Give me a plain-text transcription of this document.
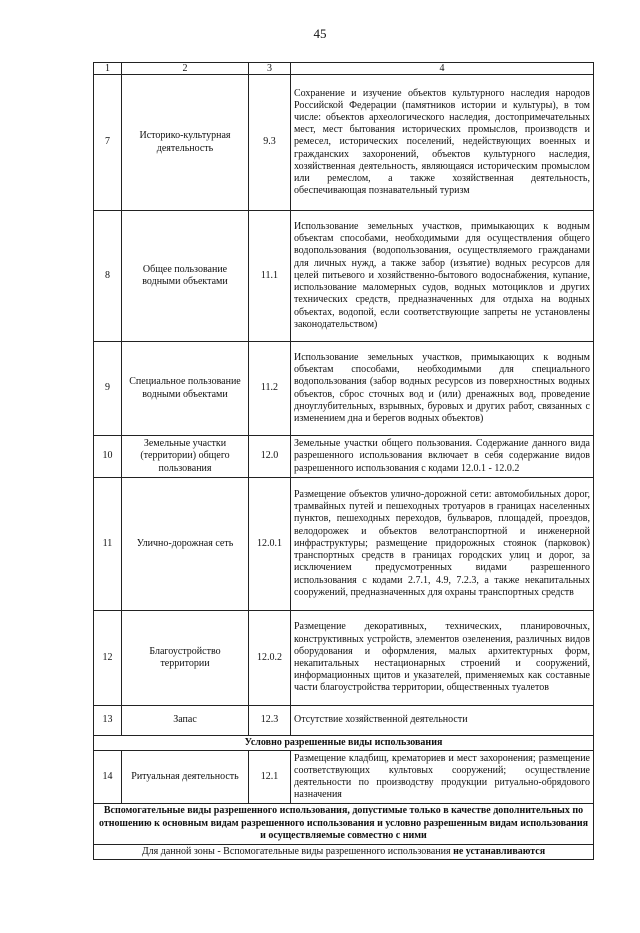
45
1	2	3	4
7	Историко-культурная деятельность	9.3	Сохранение и изучение объектов культурного наследия народов Российской Федерации (памятников истории и культуры), в том числе: объектов археологического наследия, достопримечательных мест, мест бытования исторических промыслов, производств и ремесел, исторических поселений, недействующих военных и гражданских захоронений, объектов культурного наследия, хозяйственная деятельность, являющаяся историческим промыслом или ремеслом, а также хозяйственная деятельность, обеспечивающая познавательный туризм
8	Общее пользование водными объектами	11.1	Использование земельных участков, примыкающих к водным объектам способами, необходимыми для осуществления общего водопользования (водопользования, осуществляемого гражданами для личных нужд, а также забор (изъятие) водных ресурсов для целей питьевого и хозяйственно-бытового водоснабжения, купание, использование маломерных судов, водных мотоциклов и других технических средств, предназначенных для отдыха на водных объектах, водопой, если соответствующие запреты не установлены законодательством)
9	Специальное пользование водными объектами	11.2	Использование земельных участков, примыкающих к водным объектам способами, необходимыми для специального водопользования (забор водных ресурсов из поверхностных водных объектов, сброс сточных вод и (или) дренажных вод, проведение дноуглубительных, взрывных, буровых и других работ, связанных с изменением дна и берегов водных объектов)
10	Земельные участки (территории) общего пользования	12.0	Земельные участки общего пользования. Содержание данного вида разрешенного использования включает в себя содержание видов разрешенного использования с кодами 12.0.1 - 12.0.2
11	Улично-дорожная сеть	12.0.1	Размещение объектов улично-дорожной сети: автомобильных дорог, трамвайных путей и пешеходных тротуаров в границах населенных пунктов, пешеходных переходов, бульваров, площадей, проездов, велодорожек и объектов велотранспортной и инженерной инфраструктуры; размещение придорожных стоянок (парковок) транспортных средств в границах городских улиц и дорог, за исключением предусмотренных видами разрешенного использования с кодами 2.7.1, 4.9, 7.2.3, а также некапитальных сооружений, предназначенных для охраны транспортных средств
12	Благоустройство территории	12.0.2	Размещение декоративных, технических, планировочных, конструктивных устройств, элементов озеленения, различных видов оборудования и оформления, малых архитектурных форм, некапитальных нестационарных строений и сооружений, информационных щитов и указателей, применяемых как составные части благоустройства территории, общественных туалетов
13	Запас	12.3	Отсутствие хозяйственной деятельности
Условно разрешенные виды использования			
14	Ритуальная деятельность	12.1	Размещение кладбищ, крематориев и мест захоронения; размещение соответствующих культовых сооружений; осуществление деятельности по производству продукции ритуально-обрядового назначения
Вспомогательные виды разрешенного использования, допустимые только в качестве дополнительных по отношению к основным видам разрешенного использования и условно разрешенным видам использования и осуществляемые совместно с ними			
Для данной зоны - Вспомогательные виды разрешенного использования не устанавливаются			
